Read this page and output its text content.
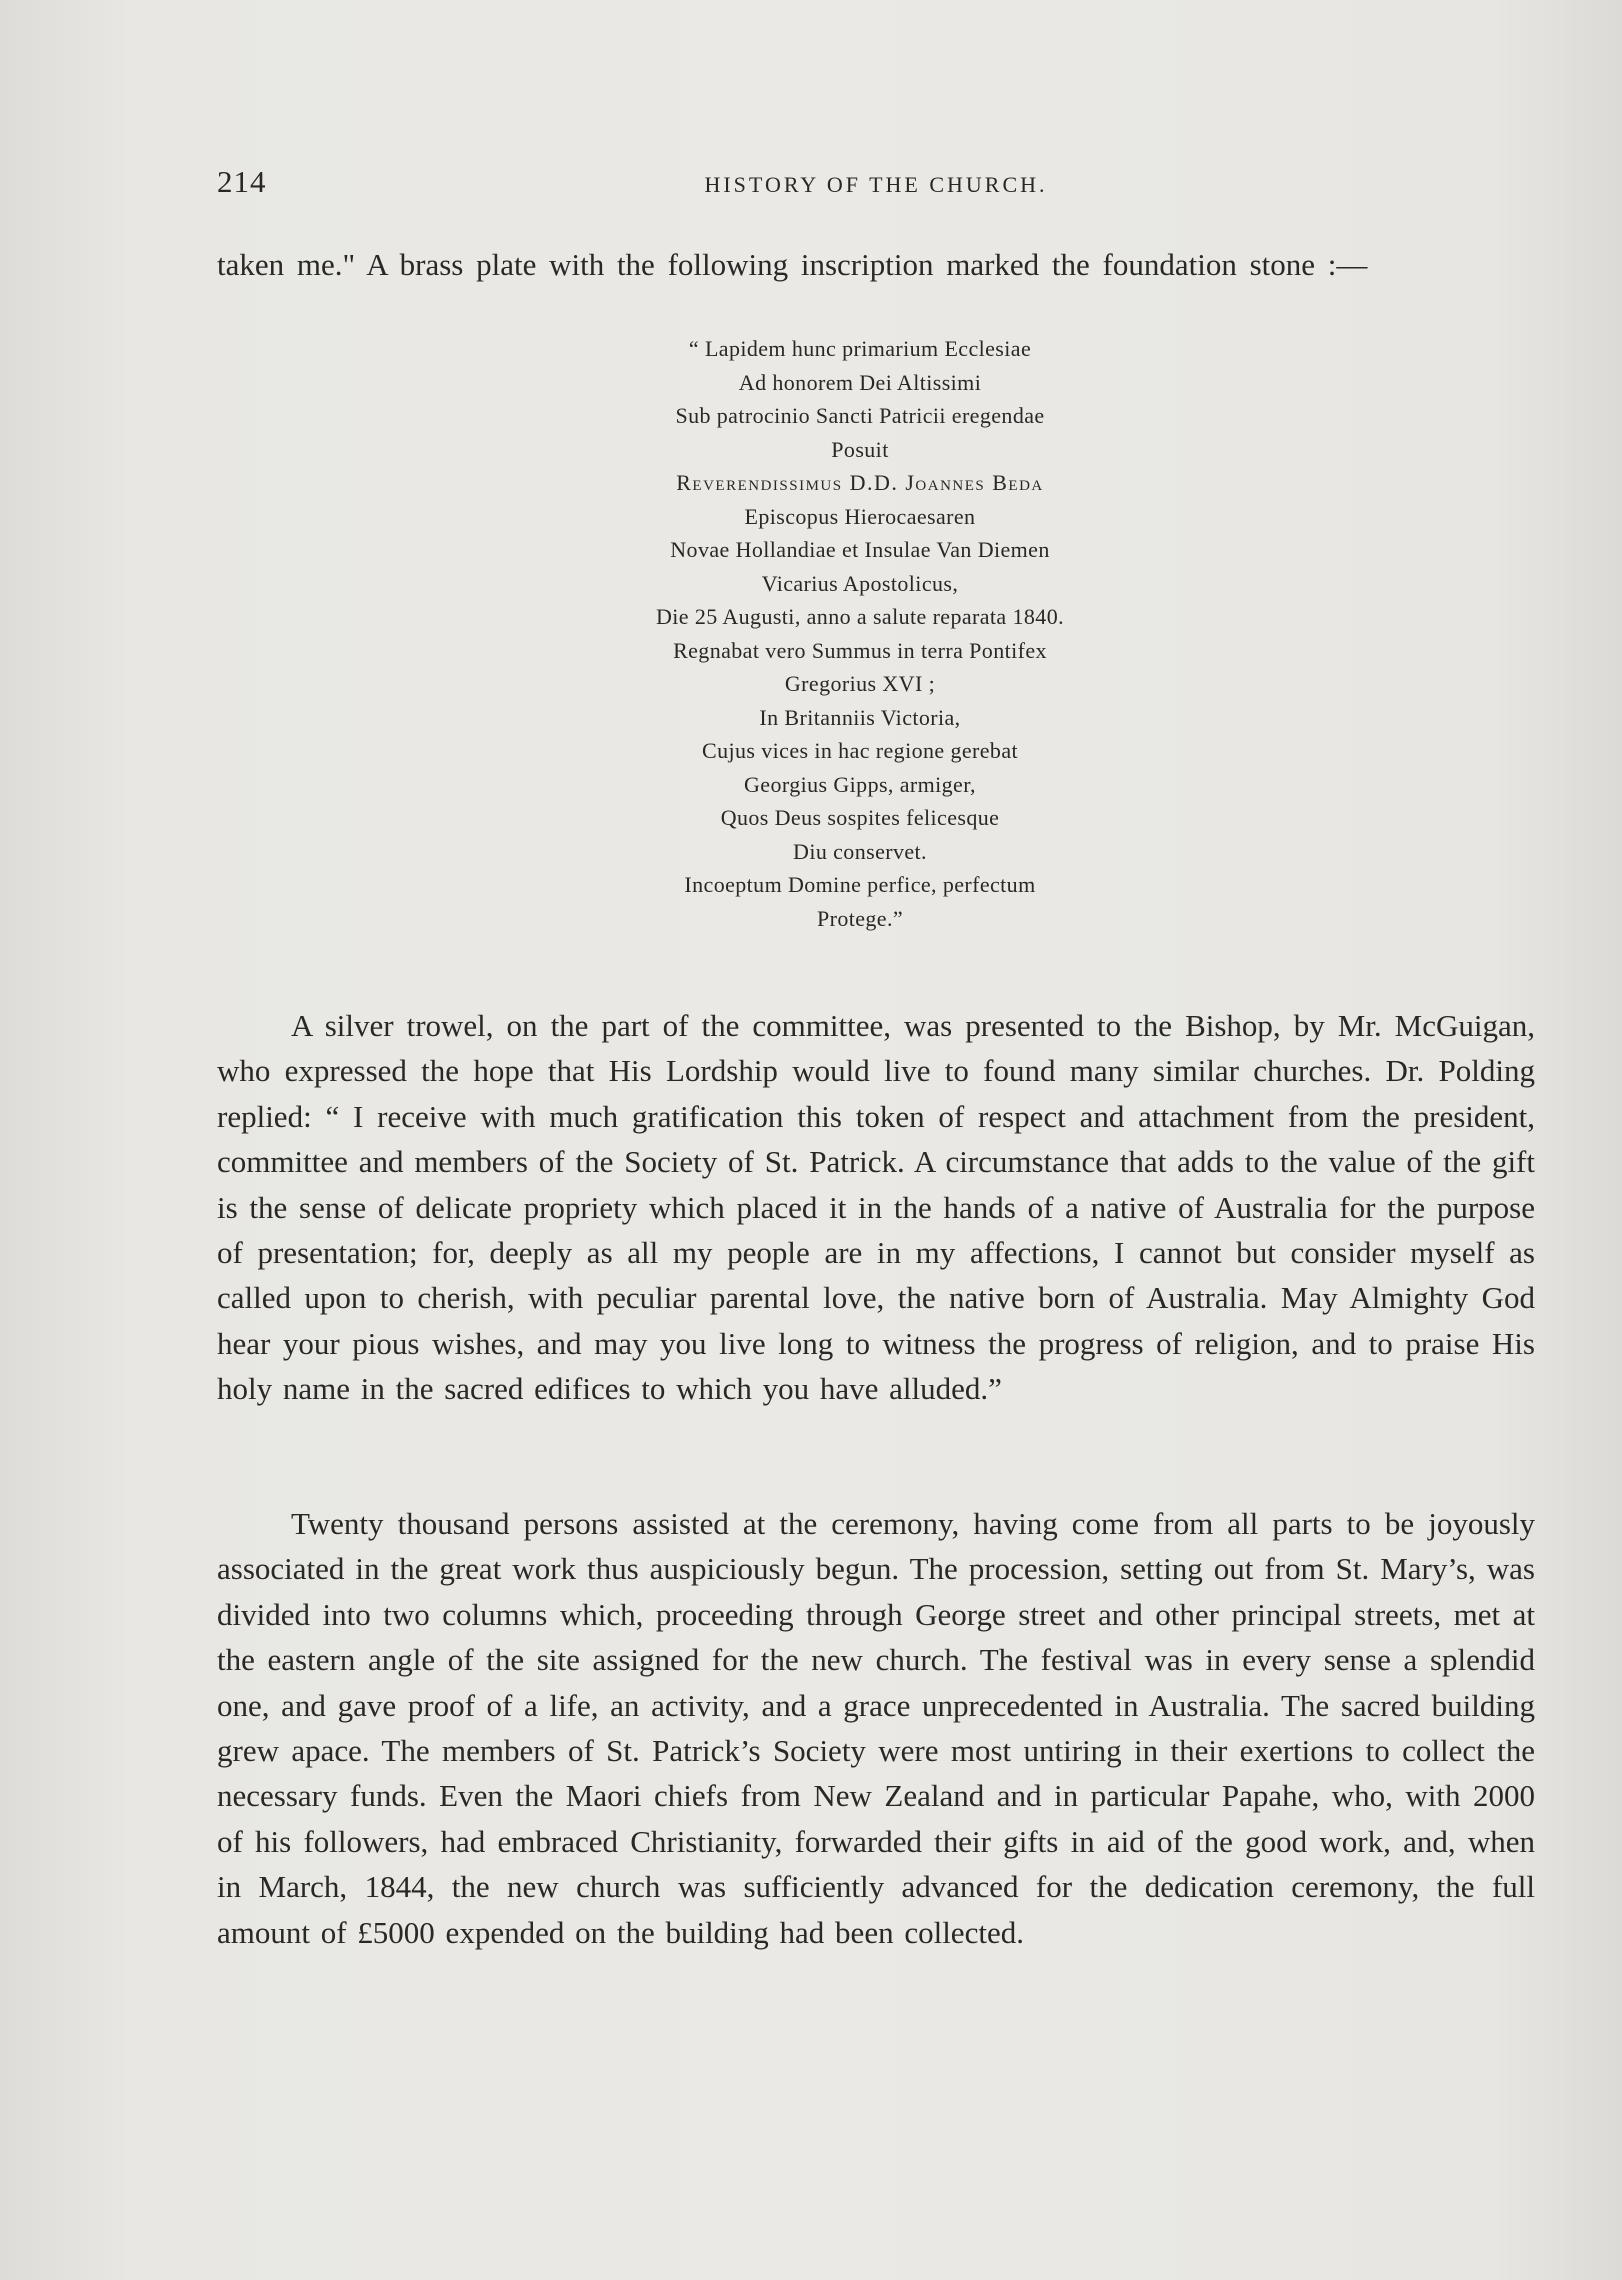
214	HISTORY OF THE CHURCH.
taken me." A brass plate with the following inscription marked the foundation stone :—
“ Lapidem hunc primarium Ecclesiae
Ad honorem Dei Altissimi
Sub patrocinio Sancti Patricii eregendae
Posuit
Reverendissimus D.D. Joannes Beda
Episcopus Hierocaesaren
Novae Hollandiae et Insulae Van Diemen
Vicarius Apostolicus,
Die 25 Augusti, anno a salute reparata 1840.
Regnabat vero Summus in terra Pontifex
Gregorius XVI ;
In Britanniis Victoria,
Cujus vices in hac regione gerebat
Georgius Gipps, armiger,
Quos Deus sospites felicesque
Diu conservet.
Incoeptum Domine perfice, perfectum
Protege.”

A silver trowel, on the part of the committee, was presented to the Bishop, by Mr. McGuigan, who expressed the hope that His Lordship would live to found many similar churches. Dr. Polding replied: “ I receive with much gratification this token of respect and attachment from the president, committee and members of the Society of St. Patrick. A circumstance that adds to the value of the gift is the sense of delicate propriety which placed it in the hands of a native of Australia for the purpose of presentation; for, deeply as all my people are in my affections, I cannot but consider myself as called upon to cherish, with peculiar parental love, the native born of Australia. May Almighty God hear your pious wishes, and may you live long to witness the progress of religion, and to praise His holy name in the sacred edifices to which you have alluded.”

Twenty thousand persons assisted at the ceremony, having come from all parts to be joyously associated in the great work thus auspiciously begun. The procession, setting out from St. Mary’s, was divided into two columns which, proceeding through George street and other principal streets, met at the eastern angle of the site assigned for the new church. The festival was in every sense a splendid one, and gave proof of a life, an activity, and a grace unprecedented in Australia. The sacred building grew apace. The members of St. Patrick’s Society were most untiring in their exertions to collect the necessary funds. Even the Maori chiefs from New Zealand and in particular Papahe, who, with 2000 of his followers, had embraced Christianity, forwarded their gifts in aid of the good work, and, when in March, 1844, the new church was sufficiently advanced for the dedication ceremony, the full amount of £5000 expended on the building had been collected.
